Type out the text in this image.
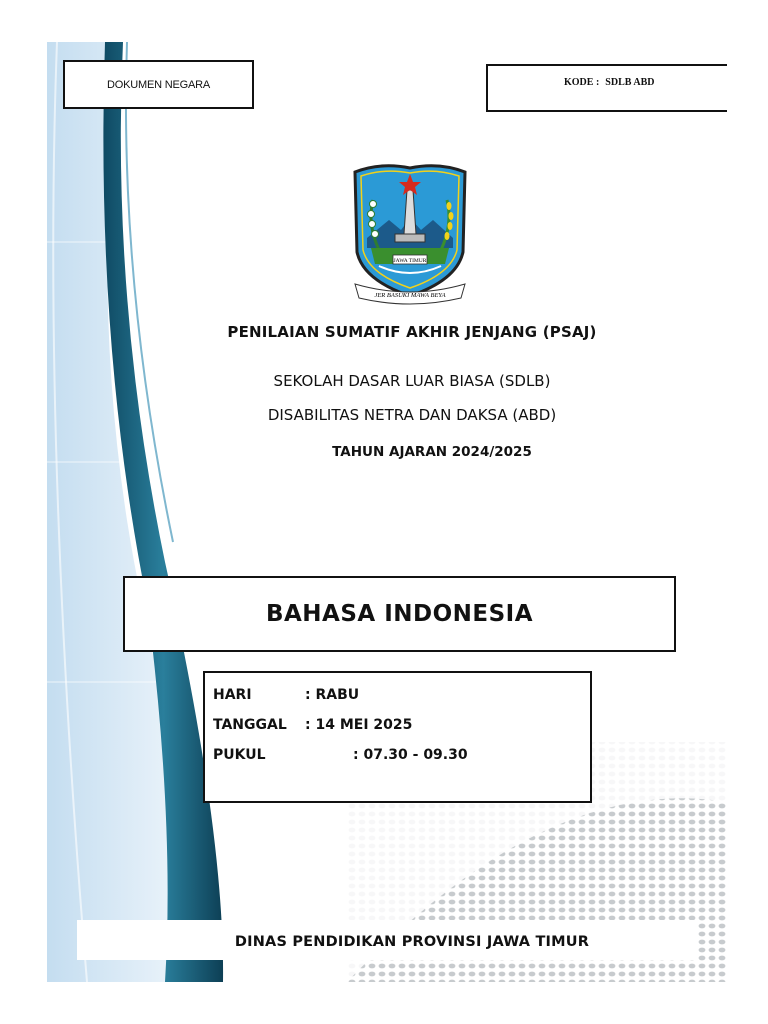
DOKUMEN NEGARA	KODE : SDLB ABD
JAWA TIMUR
JER BASUKI MAWA BEYA
PENILAIAN SUMATIF AKHIR JENJANG (PSAJ)
SEKOLAH DASAR LUAR BIASA (SDLB)
DISABILITAS NETRA DAN DAKSA (ABD)
TAHUN AJARAN 2024/2025
BAHASA INDONESIA
HARI	: RABU
TANGGAL : 14 MEI 2025
PUKUL	: 07.30 - 09.30
DINAS PENDIDIKAN PROVINSI JAWA TIMUR
